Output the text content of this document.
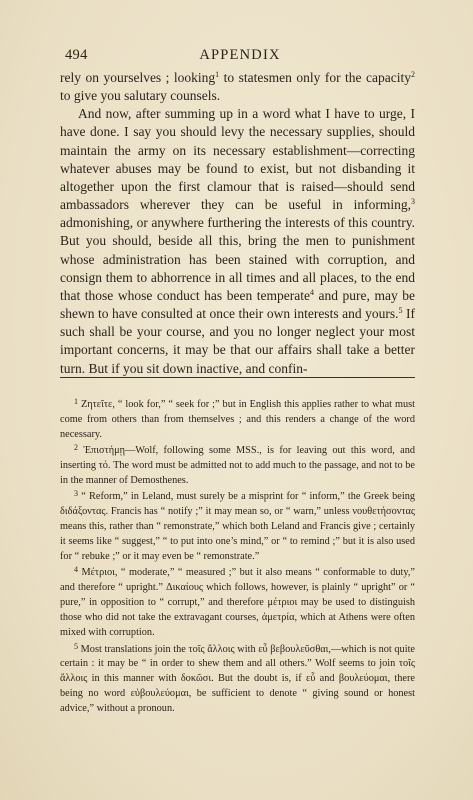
494	APPENDIX

rely on yourselves ; looking$^1$ to statesmen only for the capacity$^2$ to give you salutary counsels.

And now, after summing up in a word what I have to urge, I have done. I say you should levy the necessary supplies, should maintain the army on its necessary establishment—correcting whatever abuses may be found to exist, but not disbanding it altogether upon the first clamour that is raised—should send ambassadors wherever they can be useful in informing,$^3$ admonishing, or anywhere furthering the interests of this country. But you should, beside all this, bring the men to punishment whose administration has been stained with corruption, and consign them to abhorrence in all times and all places, to the end that those whose conduct has been temperate$^4$ and pure, may be shewn to have consulted at once their own interests and yours.$^5$ If such shall be your course, and you no longer neglect your most important concerns, it may be that our affairs shall take a better turn. But if you sit down inactive, and confin-

$^1$ Ζητεῖτε, “ look for,” “ seek for ;” but in English this applies rather to what must come from others than from themselves ; and this renders a change of the word necessary.

$^2$ Ἐπιστήμῃ—Wolf, following some MSS., is for leaving out this word, and inserting τό. The word must be admitted not to add much to the passage, and not to be in the manner of Demosthenes.

$^3$ “ Reform,” in Leland, must surely be a misprint for “ inform,” the Greek being διδάξοντας. Francis has “ notify ;” it may mean so, or “ warn,” unless νουθετήσοντας means this, rather than “ remonstrate,” which both Leland and Francis give ; certainly it seems like “ suggest,” “ to put into one’s mind,” or “ to remind ;” but it is also used for “ rebuke ;” or it may even be “ remonstrate.”

$^4$ Μέτριοι, “ moderate,” “ measured ;” but it also means “ conformable to duty,” and therefore “ upright.” Δικαίους which follows, however, is plainly “ upright” or “ pure,” in opposition to “ corrupt,” and therefore μέτριοι may be used to distinguish those who did not take the extravagant courses, ἀμετρία, which at Athens were often mixed with corruption.

$^5$ Most translations join the τοῖς ἄλλοις with εὖ βεβουλεῦσθαι,—which is not quite certain : it may be “ in order to shew them and all others.” Wolf seems to join τοῖς ἄλλοις in this manner with δοκῶσι. But the doubt is, if εὖ and βουλεύομαι, there being no word εὐβουλεύομαι, be sufficient to denote “ giving sound or honest advice,” without a pronoun.
